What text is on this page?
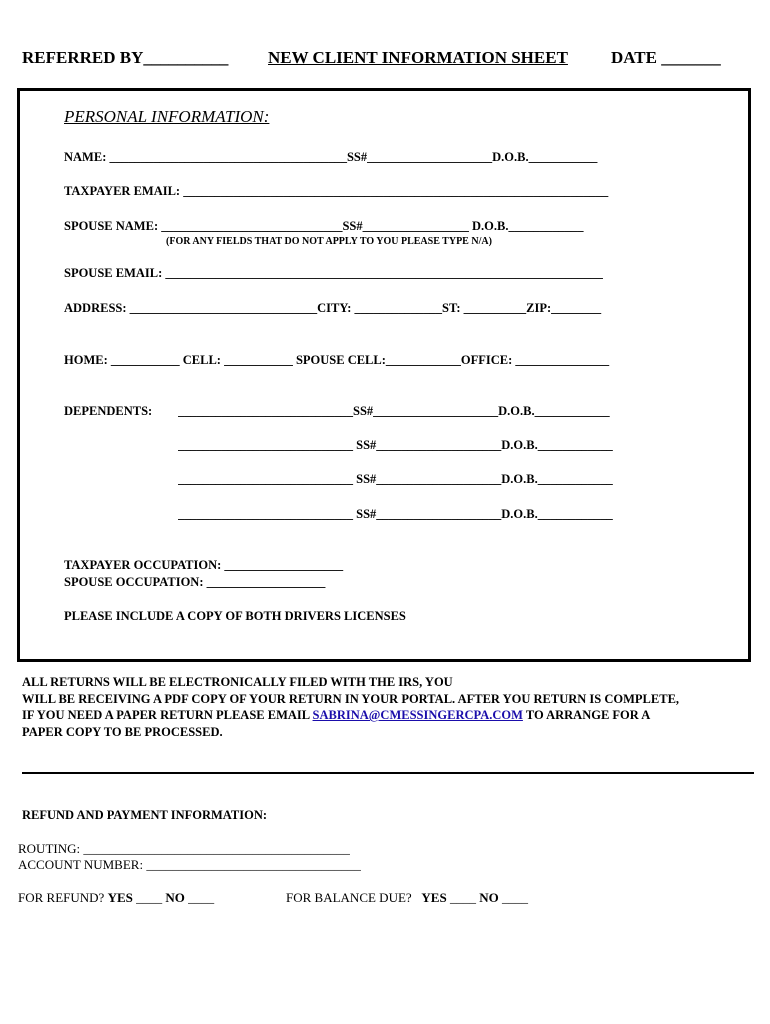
REFERRED BY__________ NEW CLIENT INFORMATION SHEET	DATE _______
PERSONAL INFORMATION:
NAME: ______________________________________SS#____________________D.O.B.___________
TAXPAYER EMAIL: ____________________________________________________________________
SPOUSE NAME: _____________________________SS#_________________ D.O.B.____________
(FOR ANY FIELDS THAT DO NOT APPLY TO YOU PLEASE TYPE N/A)
SPOUSE EMAIL: ______________________________________________________________________
ADDRESS: ______________________________CITY: ______________ST: __________ZIP:________
HOME: ___________ CELL: ___________ SPOUSE CELL:____________OFFICE: _______________
DEPENDENTS: ____________________________SS#____________________D.O.B.____________
____________________________ SS#____________________D.O.B.____________
____________________________ SS#____________________D.O.B.____________
____________________________ SS#____________________D.O.B.____________
TAXPAYER OCCUPATION: ___________________
SPOUSE OCCUPATION: ___________________
PLEASE INCLUDE A COPY OF BOTH DRIVERS LICENSES

ALL RETURNS WILL BE ELECTRONICALLY FILED WITH THE IRS, YOU

WILL BE RECEIVING A PDF COPY OF YOUR RETURN IN YOUR PORTAL. AFTER YOU RETURN IS COMPLETE,

IF YOU NEED A PAPER RETURN PLEASE EMAIL SABRINA@CMESSINGERCPA.COM TO ARRANGE FOR A

PAPER COPY TO BE PROCESSED.

REFUND AND PAYMENT INFORMATION:
ROUTING: _________________________________________
ACCOUNT NUMBER: _________________________________
FOR REFUND? YES ____ NO ____	FOR BALANCE DUE? YES ____ NO ____
